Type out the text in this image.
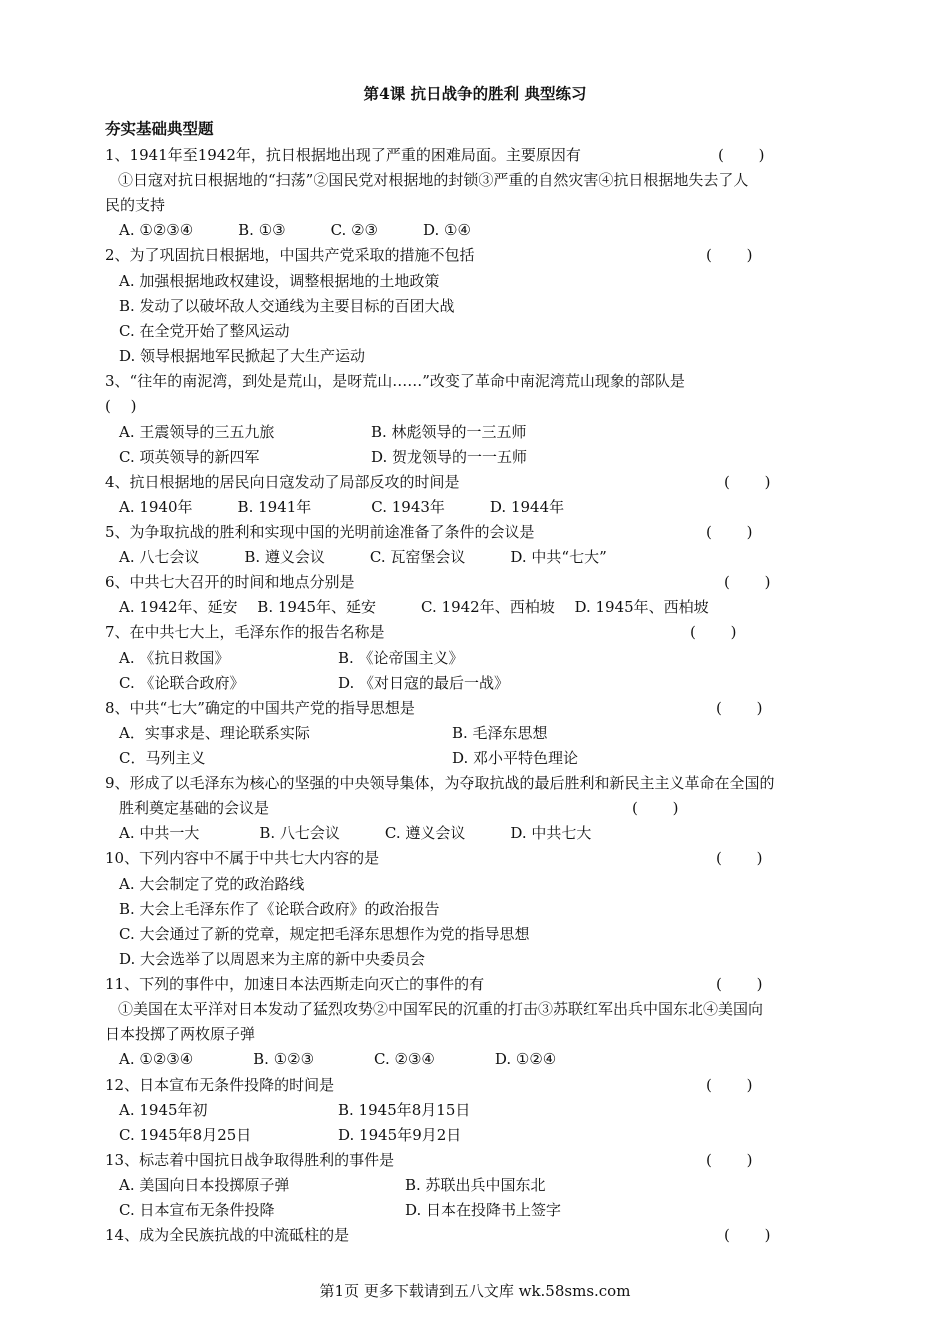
第4课 抗日战争的胜利 典型练习
夯实基础典型题
1、1941年至1942年，抗日根据地出现了严重的困难局面。主要原因有	(　　 )
①日寇对抗日根据地的“扫荡”②国民党对根据地的封锁③严重的自然灾害④抗日根据地失去了人
民的支持
A. ①②③④　　　B. ①③　　　C. ②③　　　D. ①④
2、为了巩固抗日根据地，中国共产党采取的措施不包括	(　　 )
A. 加强根据地政权建设，调整根据地的土地政策
B. 发动了以破坏敌人交通线为主要目标的百团大战
C. 在全党开始了整风运动
D. 领导根据地军民掀起了大生产运动
3、“往年的南泥湾，到处是荒山，是呀荒山……”改变了革命中南泥湾荒山现象的部队是
(　 )
A. 王震领导的三五九旅	B. 林彪领导的一三五师
C. 项英领导的新四军	D. 贺龙领导的一一五师
4、抗日根据地的居民向日寇发动了局部反攻的时间是	(　　 )
A. 1940年　　　B. 1941年　　　　C. 1943年　　　D. 1944年
5、为争取抗战的胜利和实现中国的光明前途准备了条件的会议是	(　　 )
A. 八七会议　　　B. 遵义会议　　　C. 瓦窑堡会议　　　D. 中共“七大”
6、中共七大召开的时间和地点分别是	(　　 )
A. 1942年、延安　 B. 1945年、延安　　　C. 1942年、西柏坡　 D. 1945年、西柏坡
7、在中共七大上，毛泽东作的报告名称是	(　　 )
A. 《抗日救国》	B. 《论帝国主义》
C. 《论联合政府》	D. 《对日寇的最后一战》
8、中共“七大”确定的中国共产党的指导思想是	(　　 )
A．实事求是、理论联系实际	B. 毛泽东思想
C．马列主义	D. 邓小平特色理论
9、形成了以毛泽东为核心的坚强的中央领导集体，为夺取抗战的最后胜利和新民主主义革命在全国的
胜利奠定基础的会议是	(　　 )
A. 中共一大　　　　B. 八七会议　　　C. 遵义会议　　　D. 中共七大
10、下列内容中不属于中共七大内容的是	(　　 )
A. 大会制定了党的政治路线
B. 大会上毛泽东作了《论联合政府》的政治报告
C. 大会通过了新的党章，规定把毛泽东思想作为党的指导思想
D. 大会选举了以周恩来为主席的新中央委员会
11、下列的事件中，加速日本法西斯走向灭亡的事件的有	(　　 )
①美国在太平洋对日本发动了猛烈攻势②中国军民的沉重的打击③苏联红军出兵中国东北④美国向
日本投掷了两枚原子弹
A. ①②③④　　　　B. ①②③　　　　C. ②③④　　　　D. ①②④
12、日本宣布无条件投降的时间是	(　　 )
A. 1945年初	B. 1945年8月15日
C. 1945年8月25日	D. 1945年9月2日
13、标志着中国抗日战争取得胜利的事件是	(　　 )
A. 美国向日本投掷原子弹	B. 苏联出兵中国东北
C. 日本宣布无条件投降	D. 日本在投降书上签字
14、成为全民族抗战的中流砥柱的是	(　　 )
第1页 更多下载请到五八文库 wk.58sms.com
